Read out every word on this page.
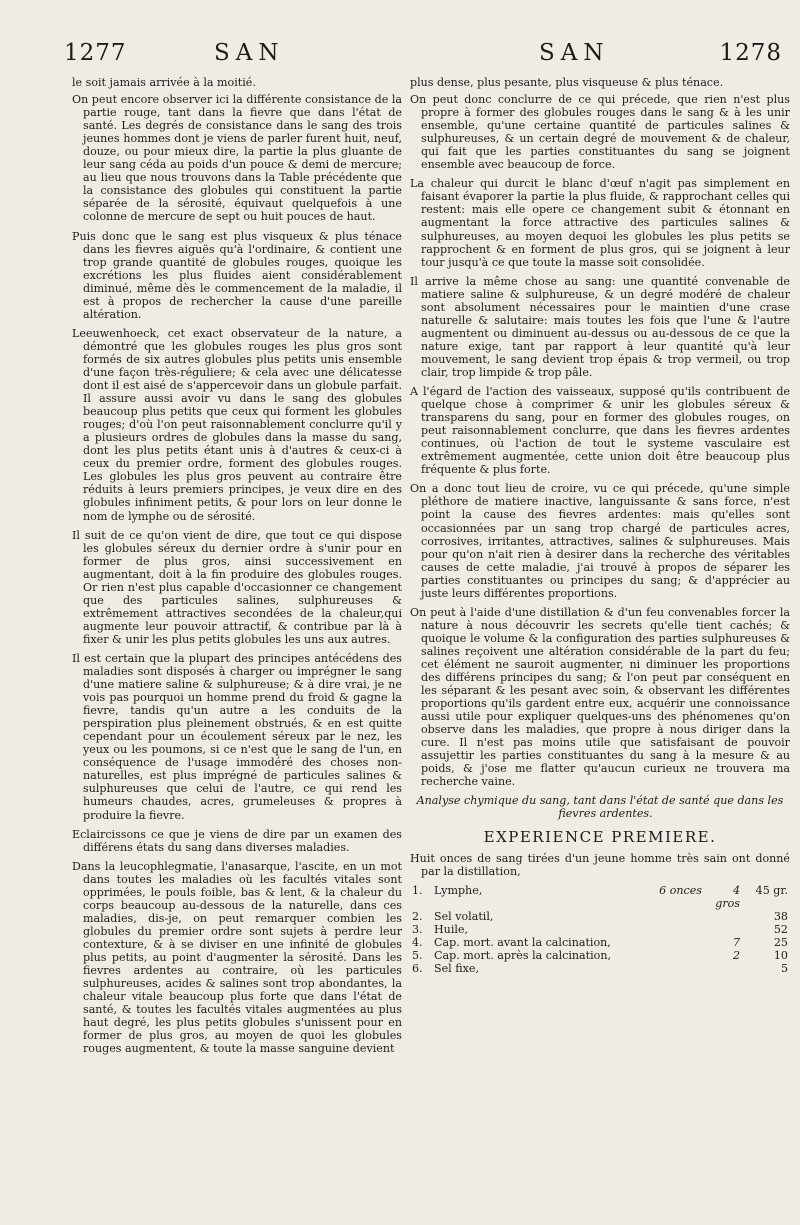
1277	SAN	SAN	1278

le soit jamais arrivée à la moitié.

On peut encore observer ici la différente consistance de la partie rouge, tant dans la fievre que dans l'état de santé. Les degrés de consistance dans le sang des trois jeunes hommes dont je viens de parler furent huit, neuf, douze, ou pour mieux dire, la partie la plus gluante de leur sang céda au poids d'un pouce & demi de mercure; au lieu que nous trouvons dans la Table précédente que la consistance des globules qui constituent la partie séparée de la sérosité, équivaut quelquefois à une colonne de mercure de sept ou huit pouces de haut.

Puis donc que le sang est plus visqueux & plus ténace dans les fievres aiguës qu'à l'ordinaire, & contient une trop grande quantité de globules rouges, quoique les excrétions les plus fluides aient considérablement diminué, même dès le commencement de la maladie, il est à propos de rechercher la cause d'une pareille altération.

Leeuwenhoeck, cet exact observateur de la nature, a démontré que les globules rouges les plus gros sont formés de six autres globules plus petits unis ensemble d'une façon très-réguliere; & cela avec une délicatesse dont il est aisé de s'appercevoir dans un globule parfait. Il assure aussi avoir vu dans le sang des globules beaucoup plus petits que ceux qui forment les globules rouges; d'où l'on peut raisonnablement conclurre qu'il y a plusieurs ordres de globules dans la masse du sang, dont les plus petits étant unis à d'autres & ceux-ci à ceux du premier ordre, forment des globules rouges. Les globules les plus gros peuvent au contraire être réduits à leurs premiers principes, je veux dire en des globules infiniment petits, & pour lors on leur donne le nom de lymphe ou de sérosité.

Il suit de ce qu'on vient de dire, que tout ce qui dispose les globules séreux du dernier ordre à s'unir pour en former de plus gros, ainsi successivement en augmentant, doit à la fin produire des globules rouges. Or rien n'est plus capable d'occasionner ce changement que des particules salines, sulphureuses & extrêmement attractives secondées de la chaleur,qui augmente leur pouvoir attractif, & contribue par là à fixer & unir les plus petits globules les uns aux autres.

Il est certain que la plupart des principes antécédens des maladies sont disposés à charger ou imprégner le sang d'une matiere saline & sulphureuse; & à dire vrai, je ne vois pas pourquoi un homme prend du froid & gagne la fievre, tandis qu'un autre a les conduits de la perspiration plus pleinement obstrués, & en est quitte cependant pour un écoulement séreux par le nez, les yeux ou les poumons, si ce n'est que le sang de l'un, en conséquence de l'usage immodéré des choses non-naturelles, est plus imprégné de particules salines & sulphureuses que celui de l'autre, ce qui rend les humeurs chaudes, acres, grumeleuses & propres à produire la fievre.

Eclaircissons ce que je viens de dire par un examen des différens états du sang dans diverses maladies.

Dans la leucophlegmatie, l'anasarque, l'ascite, en un mot dans toutes les maladies où les facultés vitales sont opprimées, le pouls foible, bas & lent, & la chaleur du corps beaucoup au-dessous de la naturelle, dans ces maladies, dis-je, on peut remarquer combien les globules du premier ordre sont sujets à perdre leur contexture, & à se diviser en une infinité de globules plus petits, au point d'augmenter la sérosité. Dans les fievres ardentes au contraire, où les particules sulphureuses, acides & salines sont trop abondantes, la chaleur vitale beaucoup plus forte que dans l'état de santé, & toutes les facultés vitales augmentées au plus haut degré, les plus petits globules s'unissent pour en former de plus gros, au moyen de quoi les globules rouges augmentent, & toute la masse sanguine devient

plus dense, plus pesante, plus visqueuse & plus ténace.

On peut donc conclurre de ce qui précede, que rien n'est plus propre à former des globules rouges dans le sang & à les unir ensemble, qu'une certaine quantité de particules salines & sulphureuses, & un certain degré de mouvement & de chaleur, qui fait que les parties constituantes du sang se joignent ensemble avec beaucoup de force.

La chaleur qui durcit le blanc d'œuf n'agit pas simplement en faisant évaporer la partie la plus fluide, & rapprochant celles qui restent: mais elle opere ce changement subit & étonnant en augmentant la force attractive des particules salines & sulphureuses, au moyen dequoi les globules les plus petits se rapprochent & en forment de plus gros, qui se joignent à leur tour jusqu'à ce que toute la masse soit consolidée.

Il arrive la même chose au sang: une quantité convenable de matiere saline & sulphureuse, & un degré modéré de chaleur sont absolument nécessaires pour le maintien d'une crase naturelle & salutaire: mais toutes les fois que l'une & l'autre augmentent ou diminuent au-dessus ou au-dessous de ce que la nature exige, tant par rapport à leur quantité qu'à leur mouvement, le sang devient trop épais & trop vermeil, ou trop clair, trop limpide & trop pâle.

A l'égard de l'action des vaisseaux, supposé qu'ils contribuent de quelque chose à comprimer & unir les globules séreux & transparens du sang, pour en former des globules rouges, on peut raisonnablement conclurre, que dans les fievres ardentes continues, où l'action de tout le systeme vasculaire est extrêmement augmentée, cette union doit être beaucoup plus fréquente & plus forte.

On a donc tout lieu de croire, vu ce qui précede, qu'une simple pléthore de matiere inactive, languissante & sans force, n'est point la cause des fievres ardentes: mais qu'elles sont occasionnées par un sang trop chargé de particules acres, corrosives, irritantes, attractives, salines & sulphureuses. Mais pour qu'on n'ait rien à desirer dans la recherche des véritables causes de cette maladie, j'ai trouvé à propos de séparer les parties constituantes ou principes du sang; & d'apprécier au juste leurs différentes proportions.

On peut à l'aide d'une distillation & d'un feu convenables forcer la nature à nous découvrir les secrets qu'elle tient cachés; & quoique le volume & la configuration des parties sulphureuses & salines reçoivent une altération considérable de la part du feu; cet élément ne sauroit augmenter, ni diminuer les proportions des différens principes du sang; & l'on peut par conséquent en les séparant & les pesant avec soin, & observant les différentes proportions qu'ils gardent entre eux, acquérir une connoissance aussi utile pour expliquer quelques-uns des phénomenes qu'on observe dans les maladies, que propre à nous diriger dans la cure. Il n'est pas moins utile que satisfaisant de pouvoir assujettir les parties constituantes du sang à la mesure & au poids, & j'ose me flatter qu'aucun curieux ne trouvera ma recherche vaine.

Analyse chymique du sang, tant dans l'état de santé que dans les fievres ardentes.

EXPERIENCE PREMIERE.

Huit onces de sang tirées d'un jeune homme très sain ont donné par la distillation,

1.	Lymphe,	6 onces	4 gros	45 gr.
2.	Sel volatil,			38
3.	Huile,			52
4.	Cap. mort. avant la calcination,		7	25
5.	Cap. mort. après la calcination,		2	10
6.	Sel fixe,			5
